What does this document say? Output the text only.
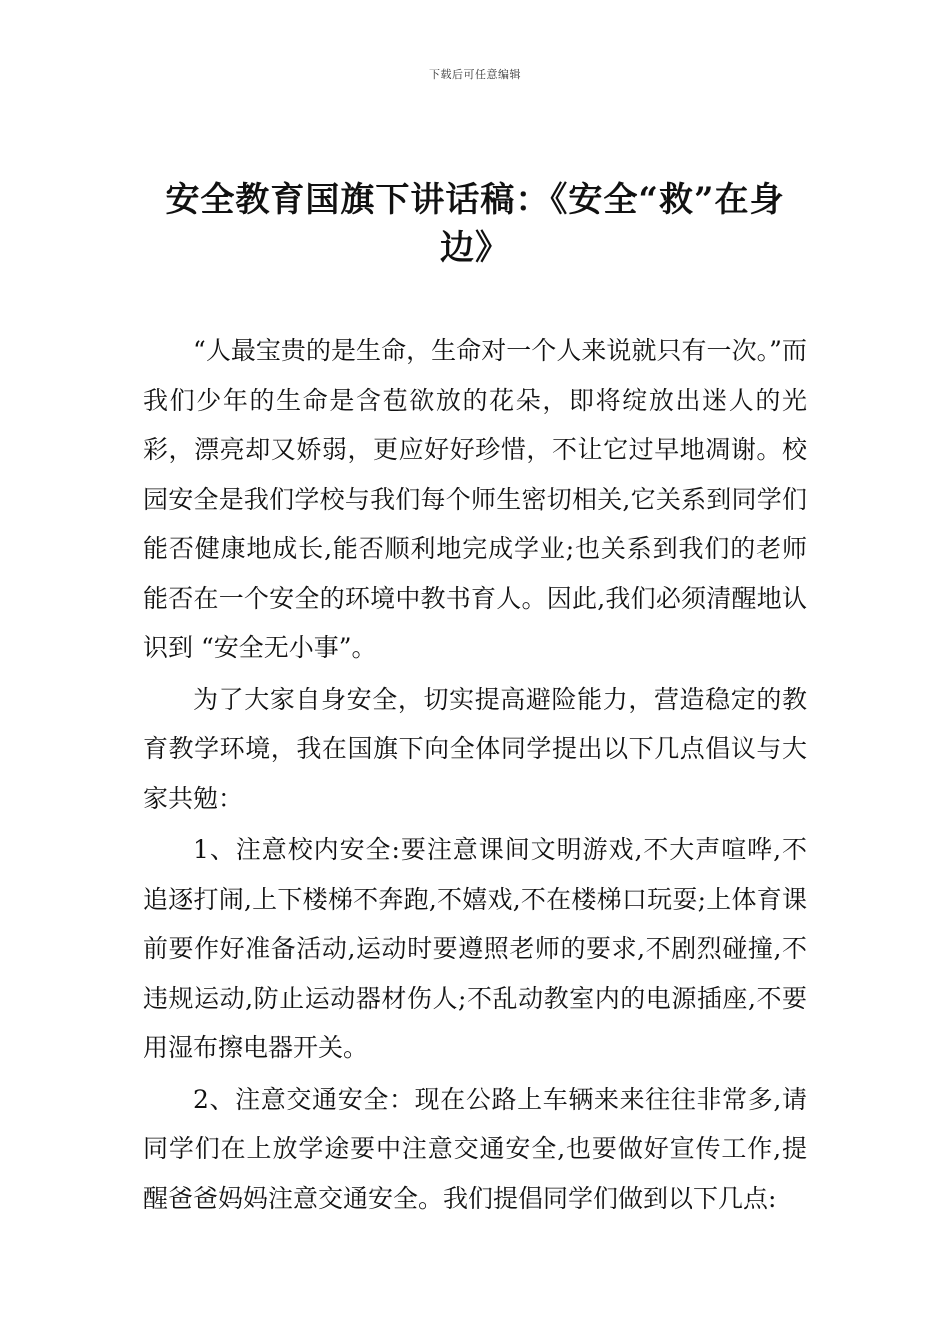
下载后可任意编辑
安全教育国旗下讲话稿：《安全“救”在身边》

“人最宝贵的是生命，生命对一个人来说就只有一次。”而我们少年的生命是含苞欲放的花朵，即将绽放出迷人的光彩，漂亮却又娇弱，更应好好珍惜，不让它过早地凋谢。校园安全是我们学校与我们每个师生密切相关,它关系到同学们能否健康地成长,能否顺利地完成学业;也关系到我们的老师能否在一个安全的环境中教书育人。因此,我们必须清醒地认识到 “安全无小事”。

为了大家自身安全，切实提高避险能力，营造稳定的教育教学环境，我在国旗下向全体同学提出以下几点倡议与大家共勉：

1、注意校内安全:要注意课间文明游戏,不大声喧哗,不追逐打闹,上下楼梯不奔跑,不嬉戏,不在楼梯口玩耍;上体育课前要作好准备活动,运动时要遵照老师的要求,不剧烈碰撞,不违规运动,防止运动器材伤人;不乱动教室内的电源插座,不要用湿布擦电器开关。

2、注意交通安全：现在公路上车辆来来往往非常多,请同学们在上放学途要中注意交通安全,也要做好宣传工作,提醒爸爸妈妈注意交通安全。我们提倡同学们做到以下几点:
